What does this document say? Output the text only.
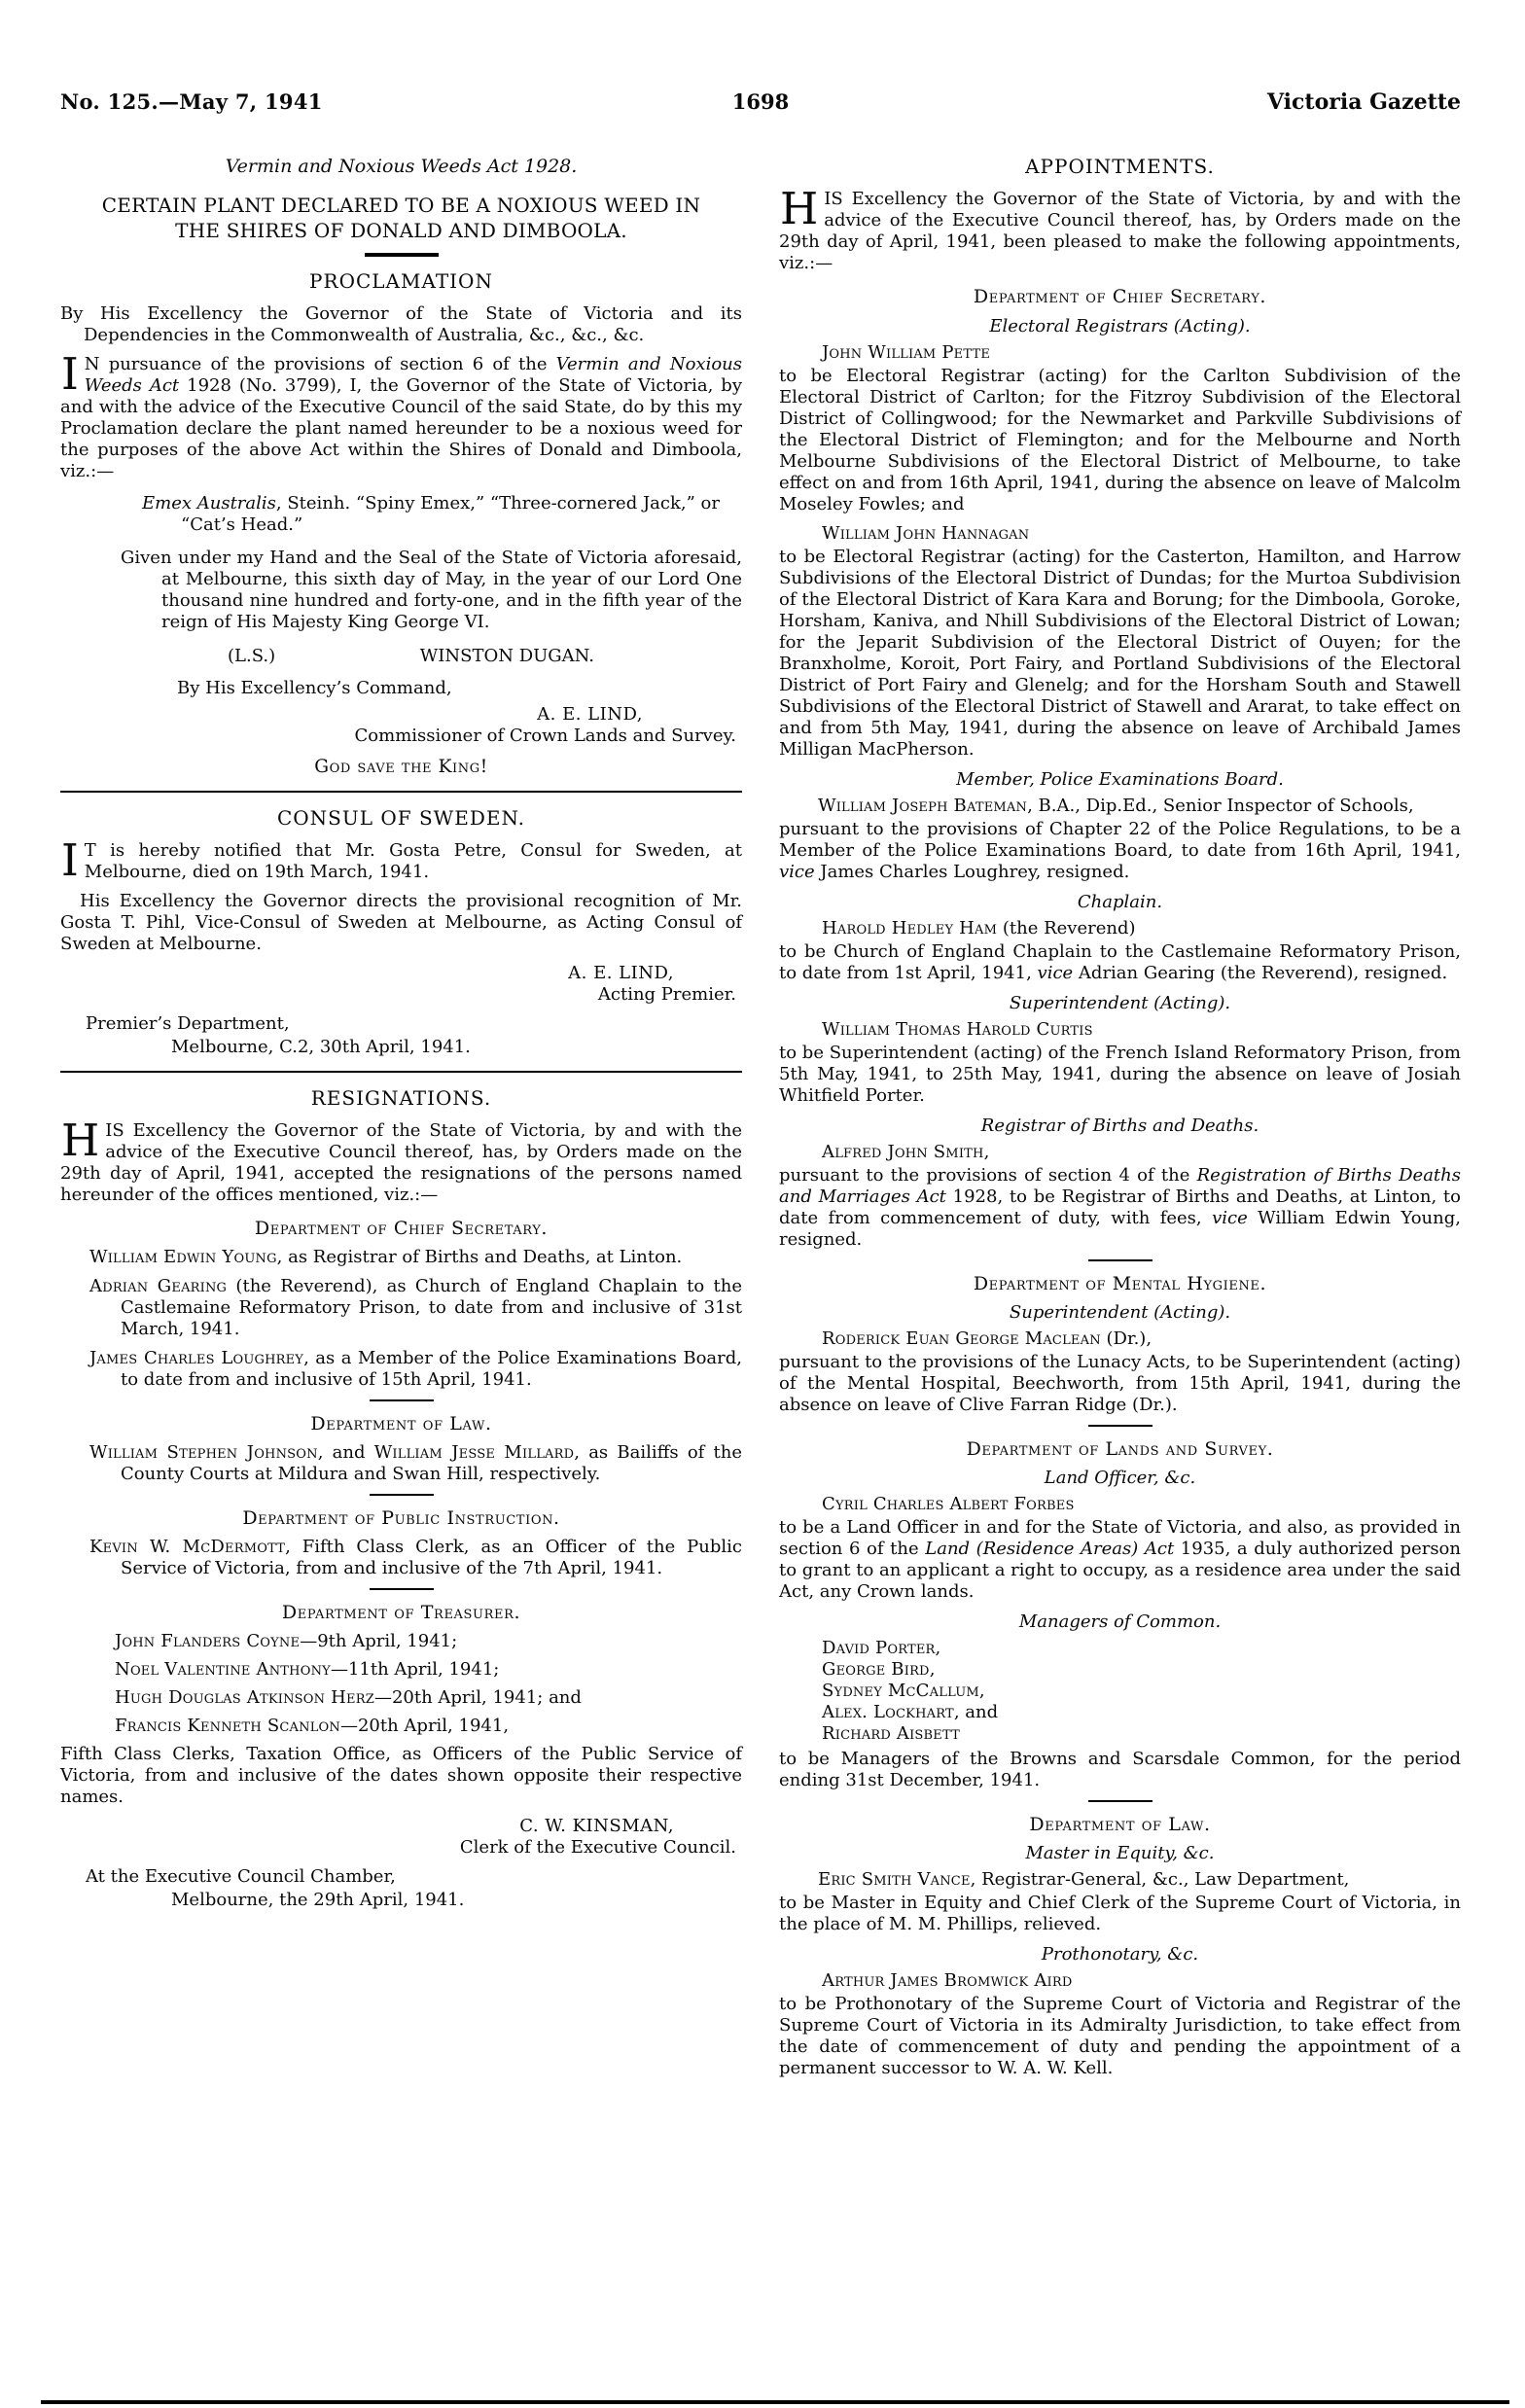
No. 125.—May 7, 1941	1698	Victoria Gazette
Vermin and Noxious Weeds Act 1928.
CERTAIN PLANT DECLARED TO BE A NOXIOUS WEED IN THE SHIRES OF DONALD AND DIMBOOLA.
PROCLAMATION

By His Excellency the Governor of the State of Victoria and its Dependencies in the Commonwealth of Australia, &c., &c., &c.

I N pursuance of the provisions of section 6 of the Vermin and Noxious Weeds Act 1928 (No. 3799), I, the Governor of the State of Victoria, by and with the advice of the Executive Council of the said State, do by this my Proclamation declare the plant named hereunder to be a noxious weed for the purposes of the above Act within the Shires of Donald and Dimboola, viz.:—

Emex Australis, Steinh. “Spiny Emex,” “Three-cornered Jack,” or “Cat’s Head.”

Given under my Hand and the Seal of the State of Victoria aforesaid, at Melbourne, this sixth day of May, in the year of our Lord One thousand nine hundred and forty-one, and in the fifth year of the reign of His Majesty King George VI.

(L.S.)	WINSTON DUGAN.

By His Excellency’s Command,

A. E. LIND,
Commissioner of Crown Lands and Survey.
God save the King!
CONSUL OF SWEDEN.

I T is hereby notified that Mr. Gosta Petre, Consul for Sweden, at Melbourne, died on 19th March, 1941.

His Excellency the Governor directs the provisional recognition of Mr. Gosta T. Pihl, Vice-Consul of Sweden at Melbourne, as Acting Consul of Sweden at Melbourne.

A. E. LIND,
Acting Premier.

Premier’s Department,

Melbourne, C.2, 30th April, 1941.

RESIGNATIONS.

HIS Excellency the Governor of the State of Victoria, by and with the advice of the Executive Council thereof, has, by Orders made on the 29th day of April, 1941, accepted the resignations of the persons named hereunder of the offices mentioned, viz.:—

Department of Chief Secretary.

William Edwin Young, as Registrar of Births and Deaths, at Linton.

Adrian Gearing (the Reverend), as Church of England Chaplain to the Castlemaine Reformatory Prison, to date from and inclusive of 31st March, 1941.

James Charles Loughrey, as a Member of the Police Examinations Board, to date from and inclusive of 15th April, 1941.

Department of Law.

William Stephen Johnson, and William Jesse Millard, as Bailiffs of the County Courts at Mildura and Swan Hill, respectively.

Department of Public Instruction.

Kevin W. McDermott, Fifth Class Clerk, as an Officer of the Public Service of Victoria, from and inclusive of the 7th April, 1941.

Department of Treasurer.

John Flanders Coyne—9th April, 1941;

Noel Valentine Anthony—11th April, 1941;

Hugh Douglas Atkinson Herz—20th April, 1941; and

Francis Kenneth Scanlon—20th April, 1941,

Fifth Class Clerks, Taxation Office, as Officers of the Public Service of Victoria, from and inclusive of the dates shown opposite their respective names.

C. W. KINSMAN,
Clerk of the Executive Council.

At the Executive Council Chamber,

Melbourne, the 29th April, 1941.

APPOINTMENTS.

HIS Excellency the Governor of the State of Victoria, by and with the advice of the Executive Council thereof, has, by Orders made on the 29th day of April, 1941, been pleased to make the following appointments, viz.:—

Department of Chief Secretary.
Electoral Registrars (Acting).

John William Pette

to be Electoral Registrar (acting) for the Carlton Subdivision of the Electoral District of Carlton; for the Fitzroy Subdivision of the Electoral District of Collingwood; for the Newmarket and Parkville Subdivisions of the Electoral District of Flemington; and for the Melbourne and North Melbourne Subdivisions of the Electoral District of Melbourne, to take effect on and from 16th April, 1941, during the absence on leave of Malcolm Moseley Fowles; and

William John Hannagan

to be Electoral Registrar (acting) for the Casterton, Hamilton, and Harrow Subdivisions of the Electoral District of Dundas; for the Murtoa Subdivision of the Electoral District of Kara Kara and Borung; for the Dimboola, Goroke, Horsham, Kaniva, and Nhill Subdivisions of the Electoral District of Lowan; for the Jeparit Subdivision of the Electoral District of Ouyen; for the Branxholme, Koroit, Port Fairy, and Portland Subdivisions of the Electoral District of Port Fairy and Glenelg; and for the Horsham South and Stawell Subdivisions of the Electoral District of Stawell and Ararat, to take effect on and from 5th May, 1941, during the absence on leave of Archibald James Milligan MacPherson.

Member, Police Examinations Board.

William Joseph Bateman, B.A., Dip.Ed., Senior Inspector of Schools,

pursuant to the provisions of Chapter 22 of the Police Regulations, to be a Member of the Police Examinations Board, to date from 16th April, 1941, vice James Charles Loughrey, resigned.

Chaplain.

Harold Hedley Ham (the Reverend)

to be Church of England Chaplain to the Castlemaine Reformatory Prison, to date from 1st April, 1941, vice Adrian Gearing (the Reverend), resigned.

Superintendent (Acting).

William Thomas Harold Curtis

to be Superintendent (acting) of the French Island Reformatory Prison, from 5th May, 1941, to 25th May, 1941, during the absence on leave of Josiah Whitfield Porter.

Registrar of Births and Deaths.

Alfred John Smith,

pursuant to the provisions of section 4 of the Registration of Births Deaths and Marriages Act 1928, to be Registrar of Births and Deaths, at Linton, to date from commencement of duty, with fees, vice William Edwin Young, resigned.

Department of Mental Hygiene.
Superintendent (Acting).

Roderick Euan George Maclean (Dr.),

pursuant to the provisions of the Lunacy Acts, to be Superintendent (acting) of the Mental Hospital, Beechworth, from 15th April, 1941, during the absence on leave of Clive Farran Ridge (Dr.).

Department of Lands and Survey.
Land Officer, &c.

Cyril Charles Albert Forbes

to be a Land Officer in and for the State of Victoria, and also, as provided in section 6 of the Land (Residence Areas) Act 1935, a duly authorized person to grant to an applicant a right to occupy, as a residence area under the said Act, any Crown lands.

Managers of Common.

David Porter,

George Bird,

Sydney McCallum,

Alex. Lockhart, and

Richard Aisbett

to be Managers of the Browns and Scarsdale Common, for the period ending 31st December, 1941.

Department of Law.
Master in Equity, &c.

Eric Smith Vance, Registrar-General, &c., Law Department,

to be Master in Equity and Chief Clerk of the Supreme Court of Victoria, in the place of M. M. Phillips, relieved.

Prothonotary, &c.

Arthur James Bromwick Aird

to be Prothonotary of the Supreme Court of Victoria and Registrar of the Supreme Court of Victoria in its Admiralty Jurisdiction, to take effect from the date of commencement of duty and pending the appointment of a permanent successor to W. A. W. Kell.
